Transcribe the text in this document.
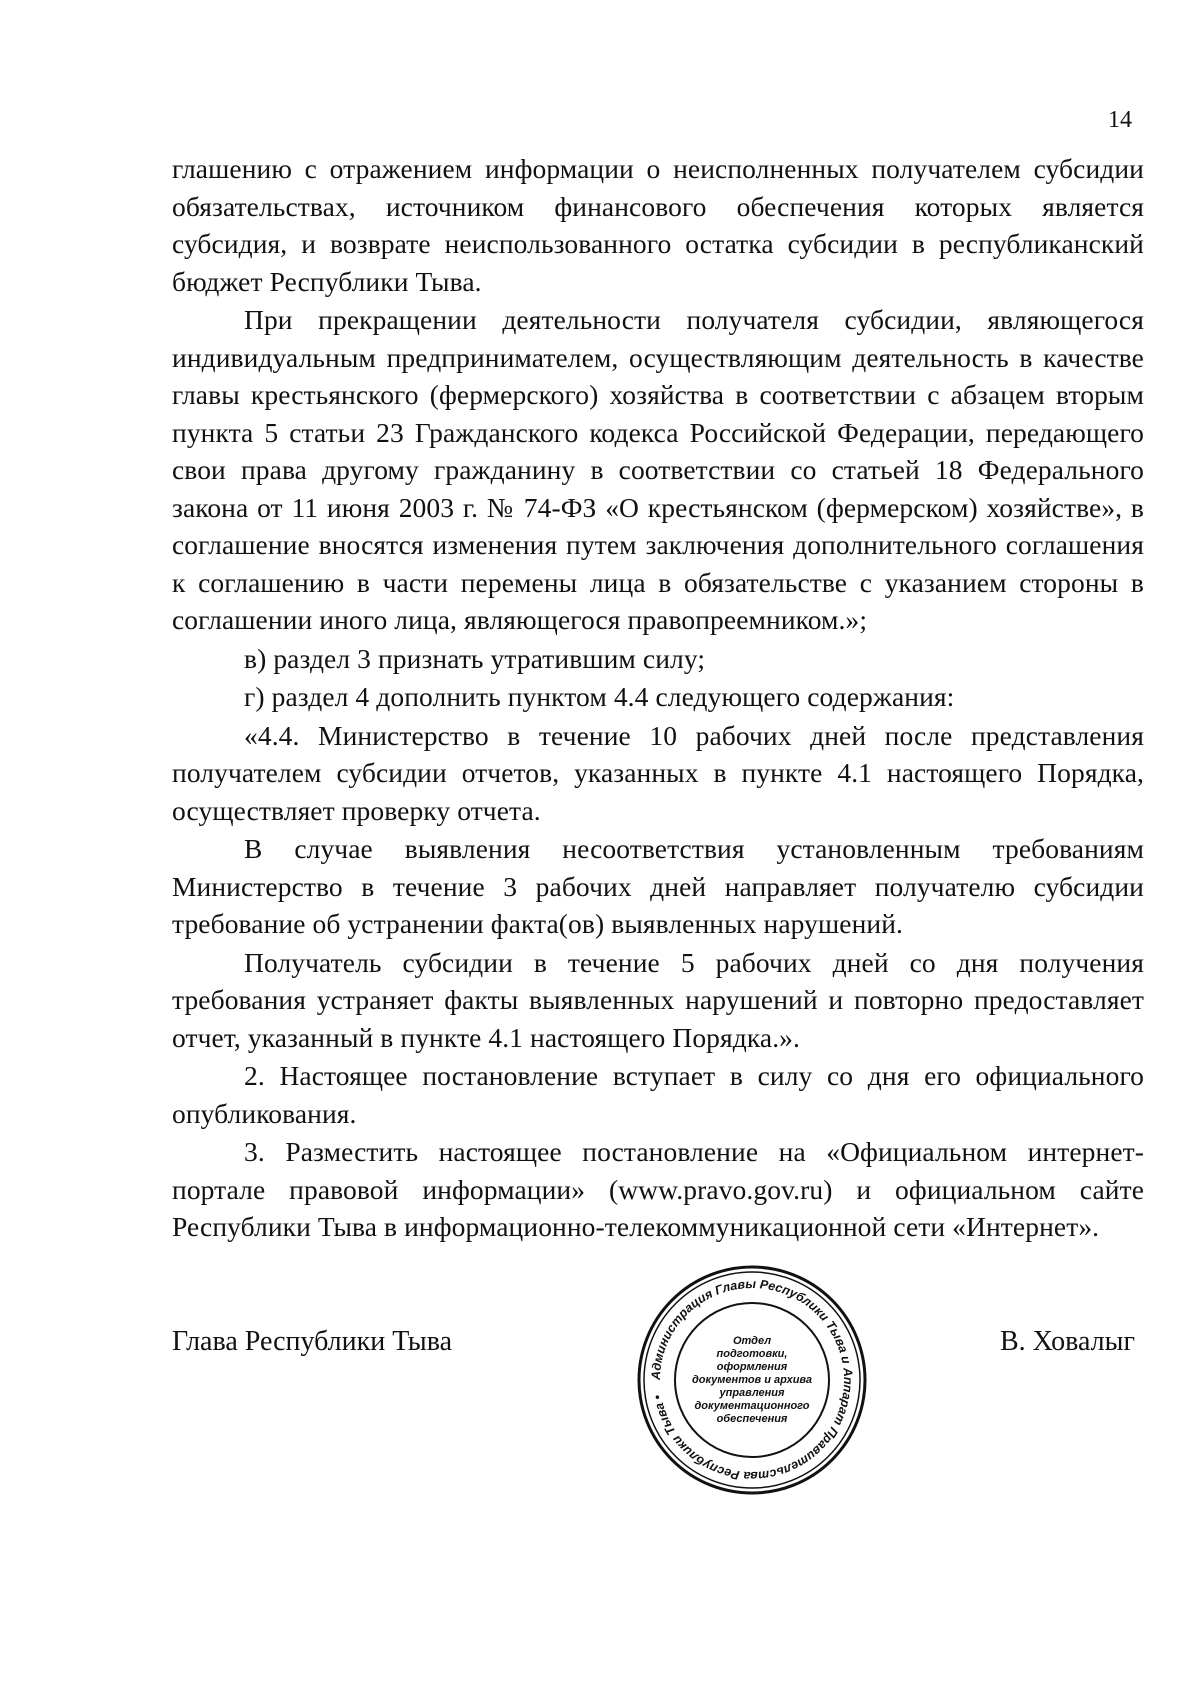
14

глашению с отражением информации о неисполненных получателем субсидии обязательствах, источником финансового обеспечения которых является субсидия, и возврате неиспользованного остатка субсидии в республиканский бюджет Республики Тыва.

При прекращении деятельности получателя субсидии, являющегося индивидуальным предпринимателем, осуществляющим деятельность в качестве главы крестьянского (фермерского) хозяйства в соответствии с абзацем вторым пункта 5 статьи 23 Гражданского кодекса Российской Федерации, передающего свои права другому гражданину в соответствии со статьей 18 Федерального закона от 11 июня 2003 г. № 74-ФЗ «О крестьянском (фермерском) хозяйстве», в соглашение вносятся изменения путем заключения дополнительного соглашения к соглашению в части перемены лица в обязательстве с указанием стороны в соглашении иного лица, являющегося правопреемником.»;

в) раздел 3 признать утратившим силу;

г) раздел 4 дополнить пунктом 4.4 следующего содержания:

«4.4. Министерство в течение 10 рабочих дней после представления получателем субсидии отчетов, указанных в пункте 4.1 настоящего Порядка, осуществляет проверку отчета.

В случае выявления несоответствия установленным требованиям Министерство в течение 3 рабочих дней направляет получателю субсидии требование об устранении факта(ов) выявленных нарушений.

Получатель субсидии в течение 5 рабочих дней со дня получения требования устраняет факты выявленных нарушений и повторно предоставляет отчет, указанный в пункте 4.1 настоящего Порядка.».

2. Настоящее постановление вступает в силу со дня его официального опубликования.

3. Разместить настоящее постановление на «Официальном интернет-портале правовой информации» (www.pravo.gov.ru) и официальном сайте Республики Тыва в информационно-телекоммуникационной сети «Интернет».

Глава Республики Тыва
Администрация Главы Республики Тыва и Аппарат Правительства Республики Тыва •
Отдел
подготовки,
оформления
документов и архива
управления
документационного
обеспечения
В. Ховалыг
